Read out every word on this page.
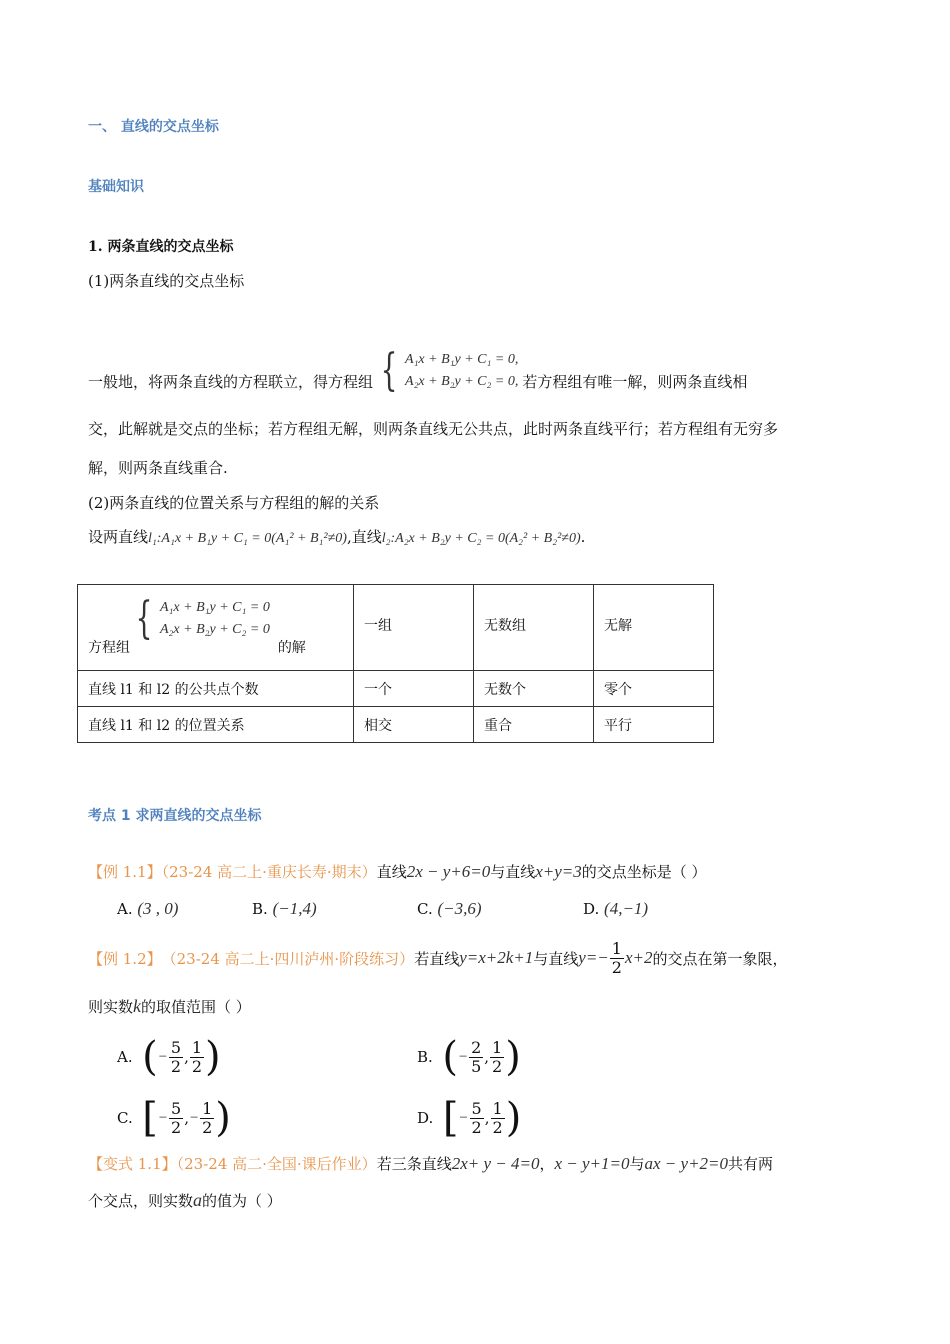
一、 直线的交点坐标
基础知识
1. 两条直线的交点坐标
(1)两条直线的交点坐标
一般地，将两条直线的方程联立，得方程组 { A₁x + B₁y + C₁ = 0,
A₂x + B₂y + C₂ = 0, 若方程组有唯一解，则两条直线相
交，此解就是交点的坐标；若方程组无解，则两条直线无公共点，此时两条直线平行；若方程组有无穷多
解，则两条直线重合.
(2)两条直线的位置关系与方程组的解的关系
设两直线l₁:A₁x + B₁y + C₁ = 0(A₁² + B₁²≠0),直线l₂:A₂x + B₂y + C₂ = 0(A₂² + B₂²≠0).
方程组
{ A₁x + B₁y + C₁ = 0
A₂x + B₂y + C₂ = 0
的解	一组	无数组	无解
直线 l1 和 l2 的公共点个数	一个	无数个	零个
直线 l1 和 l2 的位置关系	相交	重合	平行
考点 1 求两直线的交点坐标
【例 1.1】（23-24 高二上·重庆长寿·期末）直线2x − y+6=0与直线x+y=3的交点坐标是（ ）
A. (3 , 0)	B. (−1,4)	C. (−3,6)	D. (4,−1)
【例 1.2】 （23-24 高二上·四川泸州·阶段练习） 若直线 y=x+2k+1 与直线 $y=- \frac{1}{2} x+2$ 的交点在第一象限，
则实数k的取值范围（ ）
A.
( − $\frac{5}{2}$ , $\frac{1}{2}$ )	B.
( − $\frac{2}{5}$ , $\frac{1}{2}$ )
C.
[ − $\frac{5}{2}$ , − $\frac{1}{2}$ )	D.
[ − $\frac{5}{2}$ , $\frac{1}{2}$ )
【变式 1.1】（23-24 高二·全国·课后作业）若三条直线2x+ y − 4=0，x − y+1=0与ax − y+2=0共有两
个交点，则实数a的值为（ ）
